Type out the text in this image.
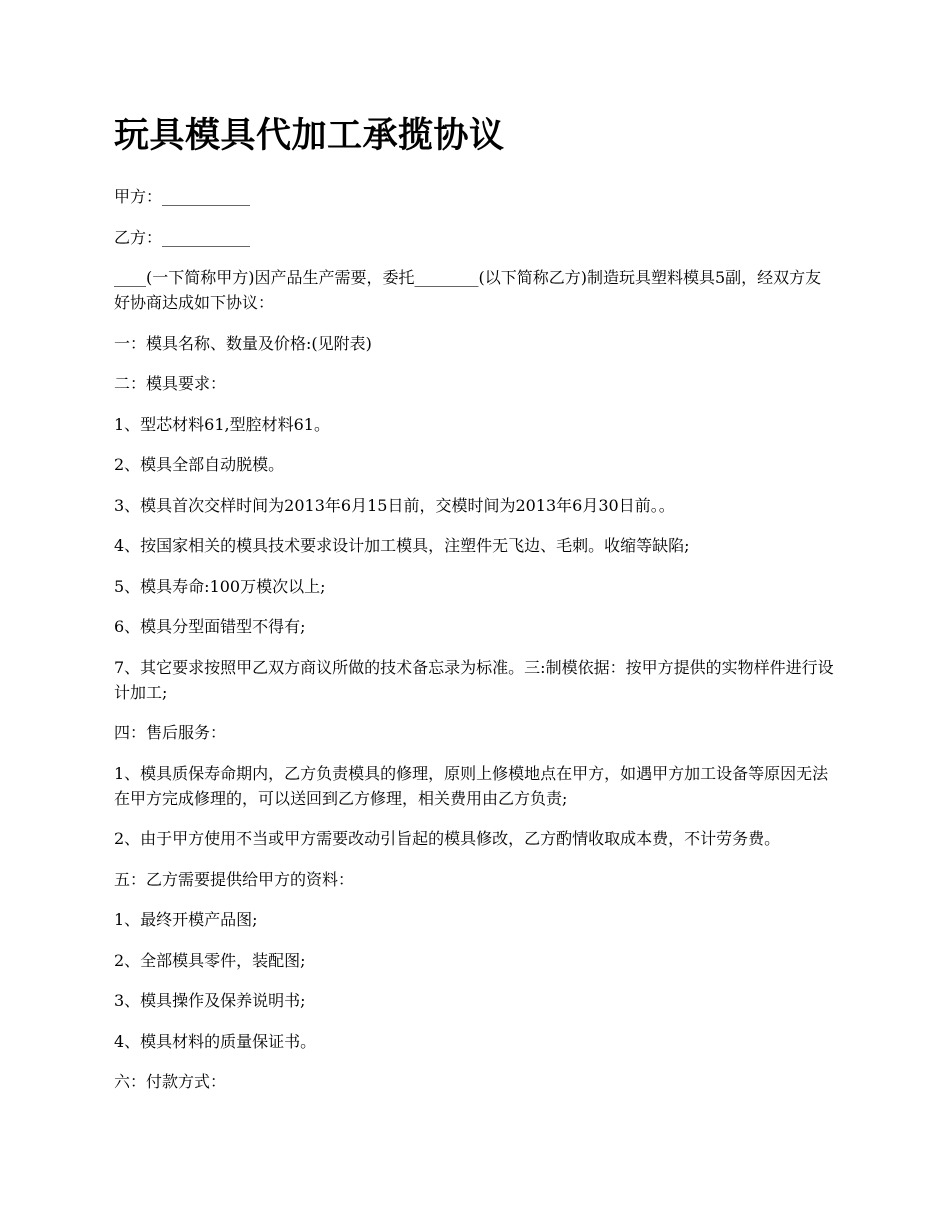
玩具模具代加工承揽协议

甲方：___________

乙方：___________

____(一下简称甲方)因产品生产需要，委托________(以下简称乙方)制造玩具塑料模具5副，经双方友好协商达成如下协议：

一：模具名称、数量及价格:(见附表)

二：模具要求：

1、型芯材料61,型腔材料61。

2、模具全部自动脱模。

3、模具首次交样时间为2013年6月15日前，交模时间为2013年6月30日前。。

4、按国家相关的模具技术要求设计加工模具，注塑件无飞边、毛刺。收缩等缺陷;

5、模具寿命:100万模次以上;

6、模具分型面错型不得有;

7、其它要求按照甲乙双方商议所做的技术备忘录为标准。三:制模依据：按甲方提供的实物样件进行设计加工;

四：售后服务：

1、模具质保寿命期内，乙方负责模具的修理，原则上修模地点在甲方，如遇甲方加工设备等原因无法在甲方完成修理的，可以送回到乙方修理，相关费用由乙方负责;

2、由于甲方使用不当或甲方需要改动引旨起的模具修改，乙方酌情收取成本费，不计劳务费。

五：乙方需要提供给甲方的资料：

1、最终开模产品图;

2、全部模具零件，装配图;

3、模具操作及保养说明书;

4、模具材料的质量保证书。

六：付款方式：
